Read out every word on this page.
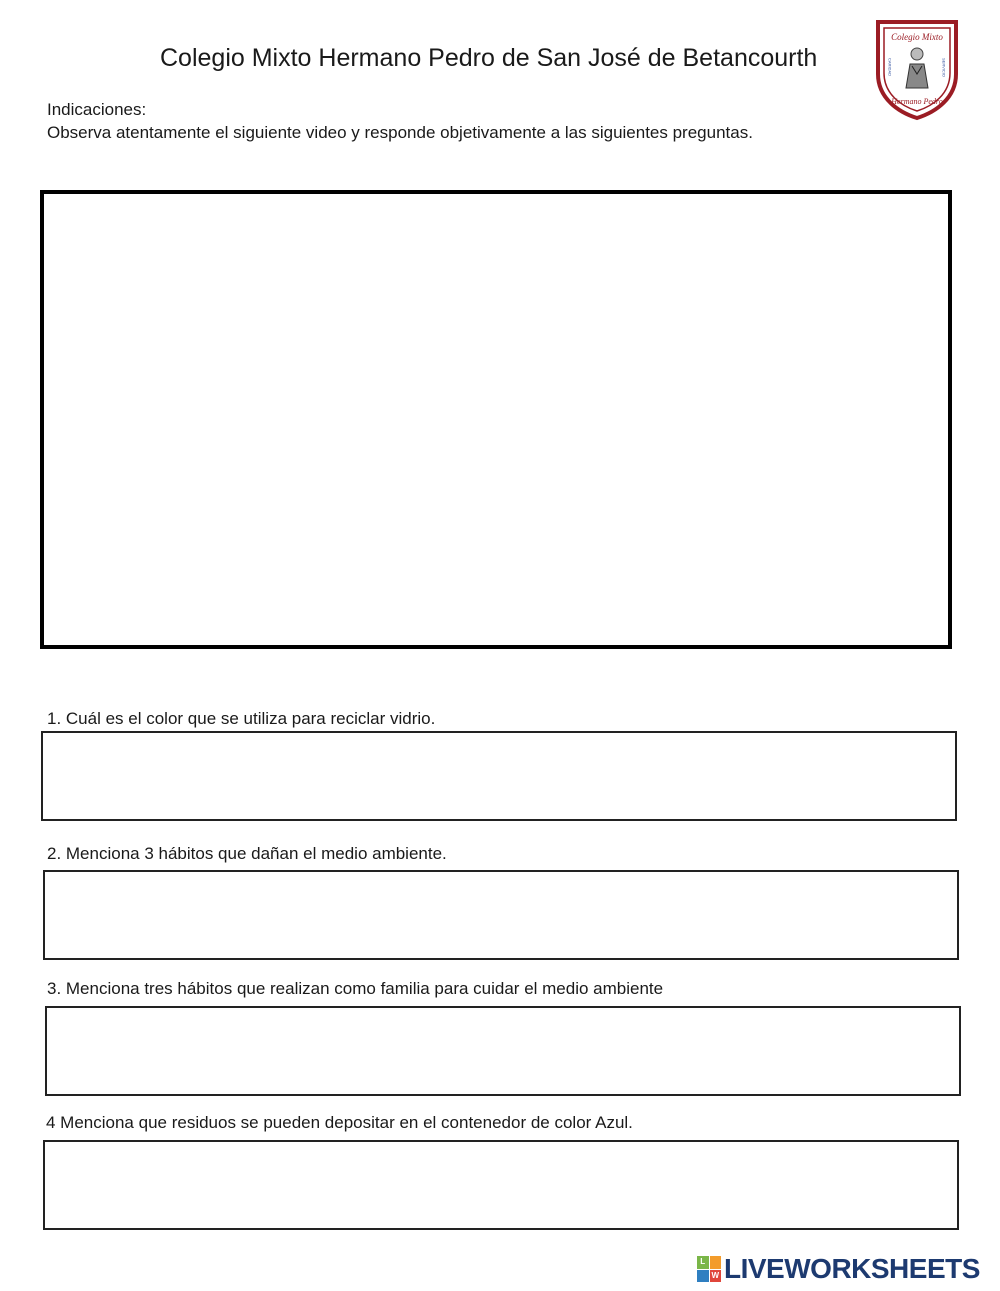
Colegio Mixto Hermano Pedro de San José de Betancourth
Colegio Mixto
Hermano Pedro
CARIDAD	SERVICIO
Indicaciones:
Observa atentamente el siguiente video y responde objetivamente a las siguientes preguntas.
1. Cuál es el color que se utiliza para reciclar vidrio.
2. Menciona 3 hábitos que dañan el medio ambiente.
3. Menciona tres hábitos que realizan como familia para cuidar el medio ambiente
4 Menciona que residuos se pueden depositar en el contenedor de color Azul.
L
W LIVEWORKSHEETS
